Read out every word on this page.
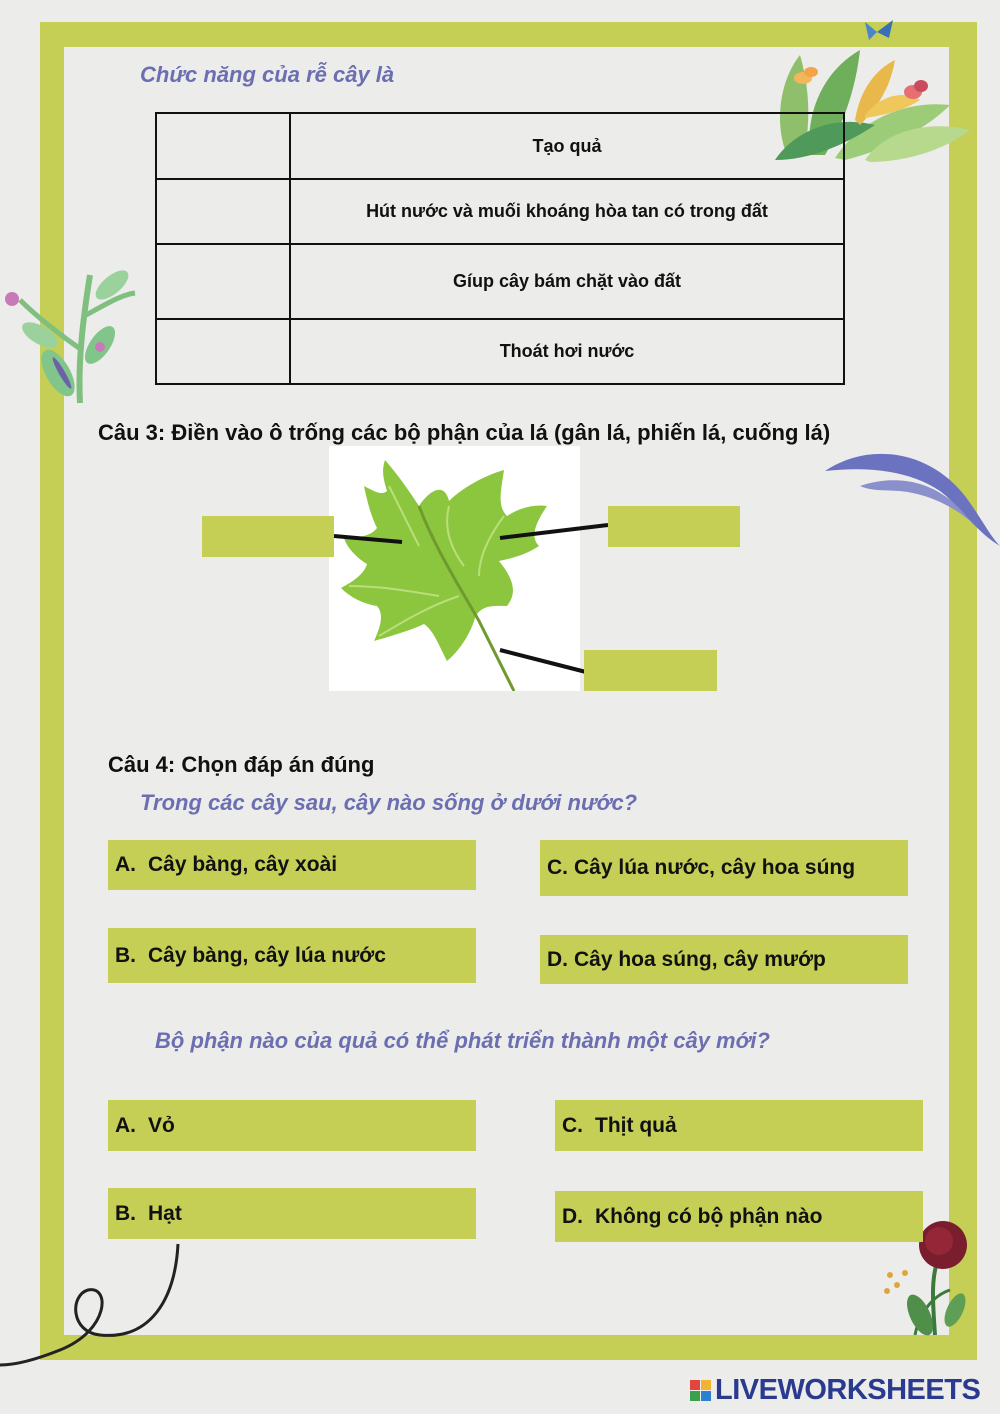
Chức năng của rễ cây là
	Tạo quả
	Hút nước và muối khoáng hòa tan có trong đất
	Gíup cây bám chặt vào đất
	Thoát hơi nước
Câu 3: Điền vào ô trống các bộ phận của lá (gân lá, phiến lá, cuống lá)
Câu 4: Chọn đáp án đúng
Trong các cây sau, cây nào sống ở dưới nước?
A. Cây bàng, cây xoài
B. Cây bàng, cây lúa nước
C. Cây lúa nước, cây hoa súng
D. Cây hoa súng, cây mướp
Bộ phận nào của quả có thể phát triển thành một cây mới?
A. Vỏ
B. Hạt
C. Thịt quả
D. Không có bộ phận nào
LIVEWORKSHEETS
